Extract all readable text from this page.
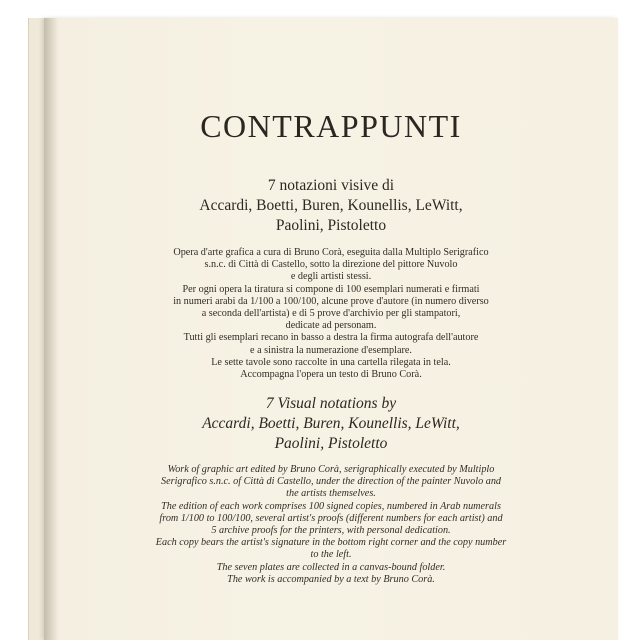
CONTRAPPUNTI
7 notazioni visive di
Accardi, Boetti, Buren, Kounellis, LeWitt,
Paolini, Pistoletto
Opera d'arte grafica a cura di Bruno Corà, eseguita dalla Multiplo Serigrafico
s.n.c. di Città di Castello, sotto la direzione del pittore Nuvolo
e degli artisti stessi.
Per ogni opera la tiratura si compone di 100 esemplari numerati e firmati
in numeri arabi da 1/100 a 100/100, alcune prove d'autore (in numero diverso
a seconda dell'artista) e di 5 prove d'archivio per gli stampatori,
dedicate ad personam.
Tutti gli esemplari recano in basso a destra la firma autografa dell'autore
e a sinistra la numerazione d'esemplare.
Le sette tavole sono raccolte in una cartella rilegata in tela.
Accompagna l'opera un testo di Bruno Corà.
7 Visual notations by
Accardi, Boetti, Buren, Kounellis, LeWitt,
Paolini, Pistoletto
Work of graphic art edited by Bruno Corà, serigraphically executed by Multiplo
Serigrafico s.n.c. of Città di Castello, under the direction of the painter Nuvolo and
the artists themselves.
The edition of each work comprises 100 signed copies, numbered in Arab numerals
from 1/100 to 100/100, several artist's proofs (different numbers for each artist) and
5 archive proofs for the printers, with personal dedication.
Each copy bears the artist's signature in the bottom right corner and the copy number
to the left.
The seven plates are collected in a canvas-bound folder.
The work is accompanied by a text by Bruno Corà.
